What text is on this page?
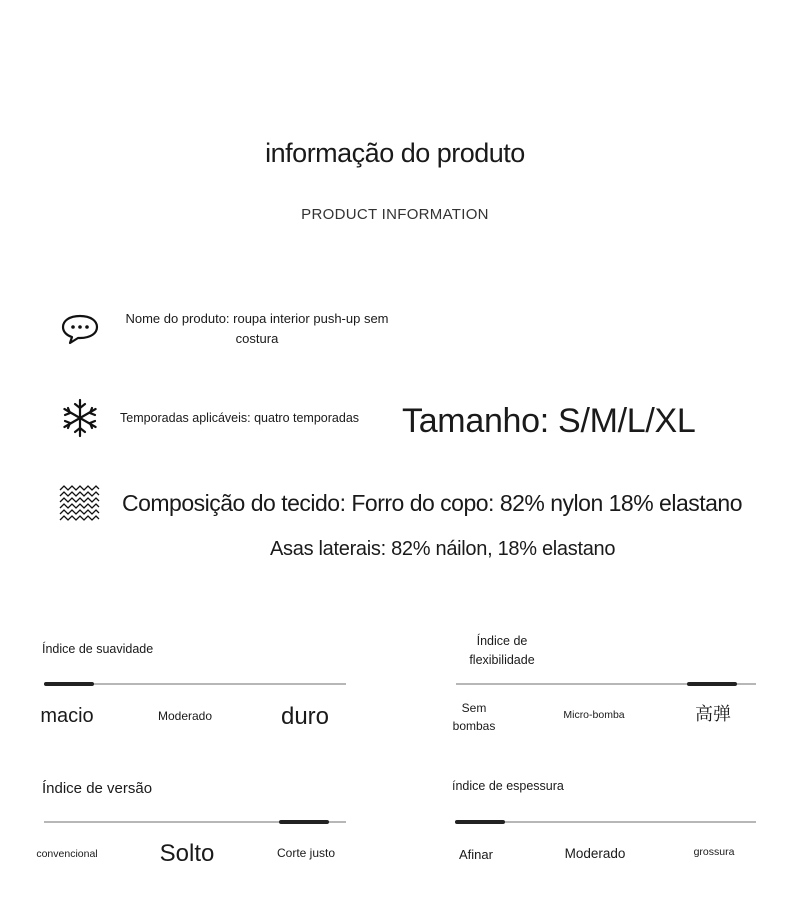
informação do produto
PRODUCT INFORMATION
Nome do produto: roupa interior push-up sem costura
Temporadas aplicáveis: quatro temporadas Tamanho: S/M/L/XL
Composição do tecido: Forro do copo: 82% nylon 18% elastano
Asas laterais: 82% náilon, 18% elastano
Índice de suavidade
macio	Moderado	duro
Índice de flexibilidade
Sem bombas
Micro-bomba	高弹
Índice de versão
convencional	Solto	Corte justo
índice de espessura
Afinar	Moderado	grossura
